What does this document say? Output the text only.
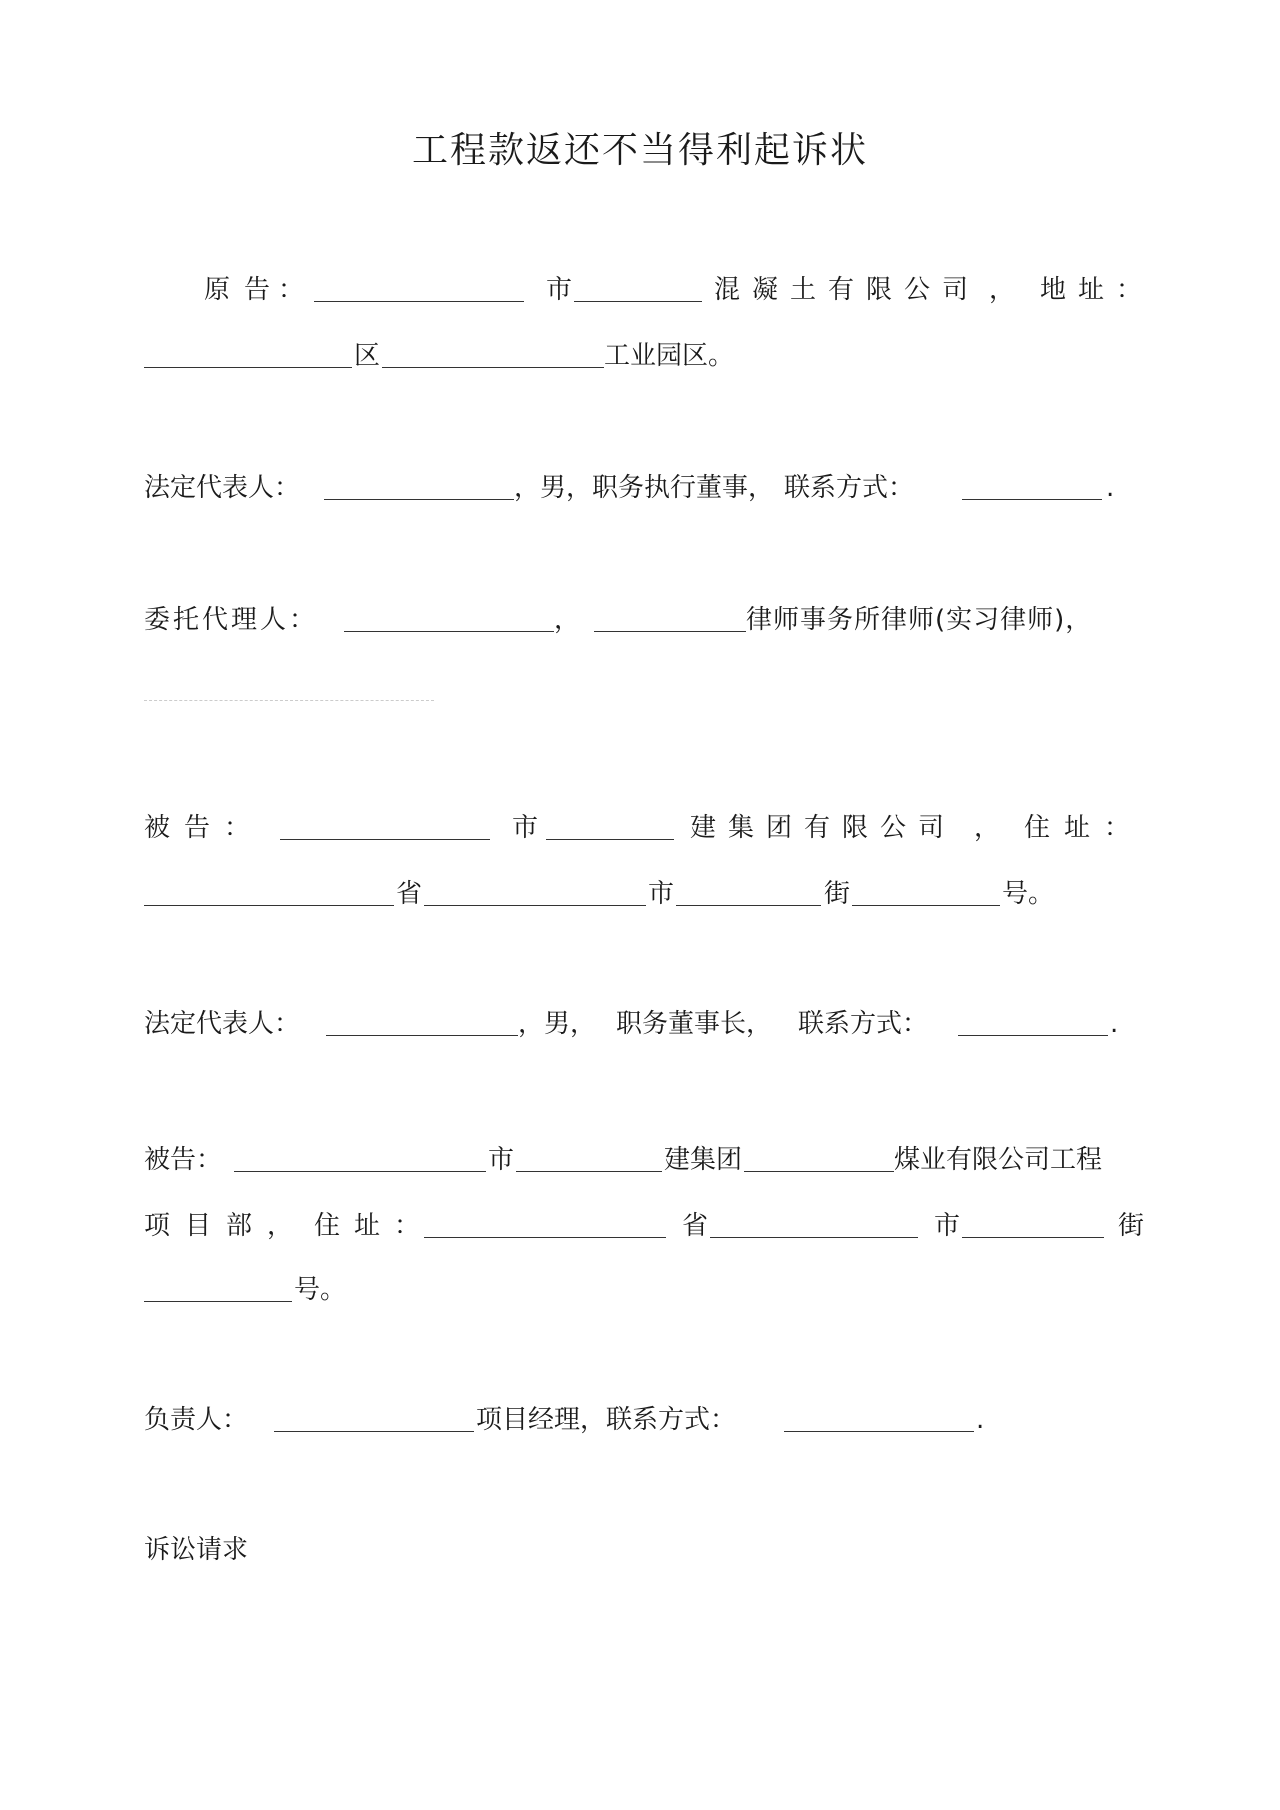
工程款返还不当得利起诉状
原 告 ：	市	混凝土有限公司 ， 地址：
区	工业园区。
法定代表人：	，男，职务执行董事， 联系方式：	.
委托代理人：	，	律师事务所律师(实习律师)，
被 告 ：	市	建集团有限公司 ， 住址：
省	市	街	号。
法定代表人：	，男， 职务董事长， 联系方式：	.
被告：	市	建集团	煤业有限公司工程
项目部， 住址：	省	市	街
号。
负责人：	项目经理，联系方式：	.
诉讼请求
